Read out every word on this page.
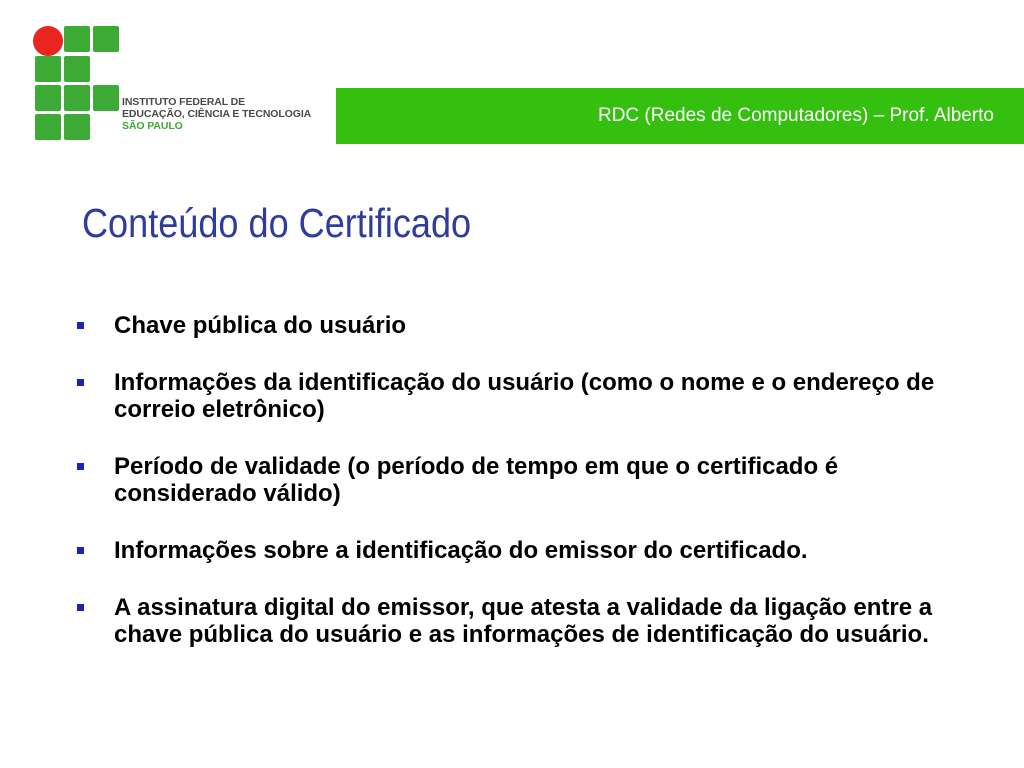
INSTITUTO FEDERAL DE
EDUCAÇÃO, CIÊNCIA E TECNOLOGIA
SÃO PAULO	RDC (Redes de Computadores) – Prof. Alberto
Conteúdo do Certificado
Chave pública do usuário
Informações da identificação do usuário (como o nome e o endereço de correio eletrônico)
Período de validade (o período de tempo em que o certificado é considerado válido)
Informações sobre a identificação do emissor do certificado.
A assinatura digital do emissor, que atesta a validade da ligação entre a chave pública do usuário e as informações de identificação do usuário.
